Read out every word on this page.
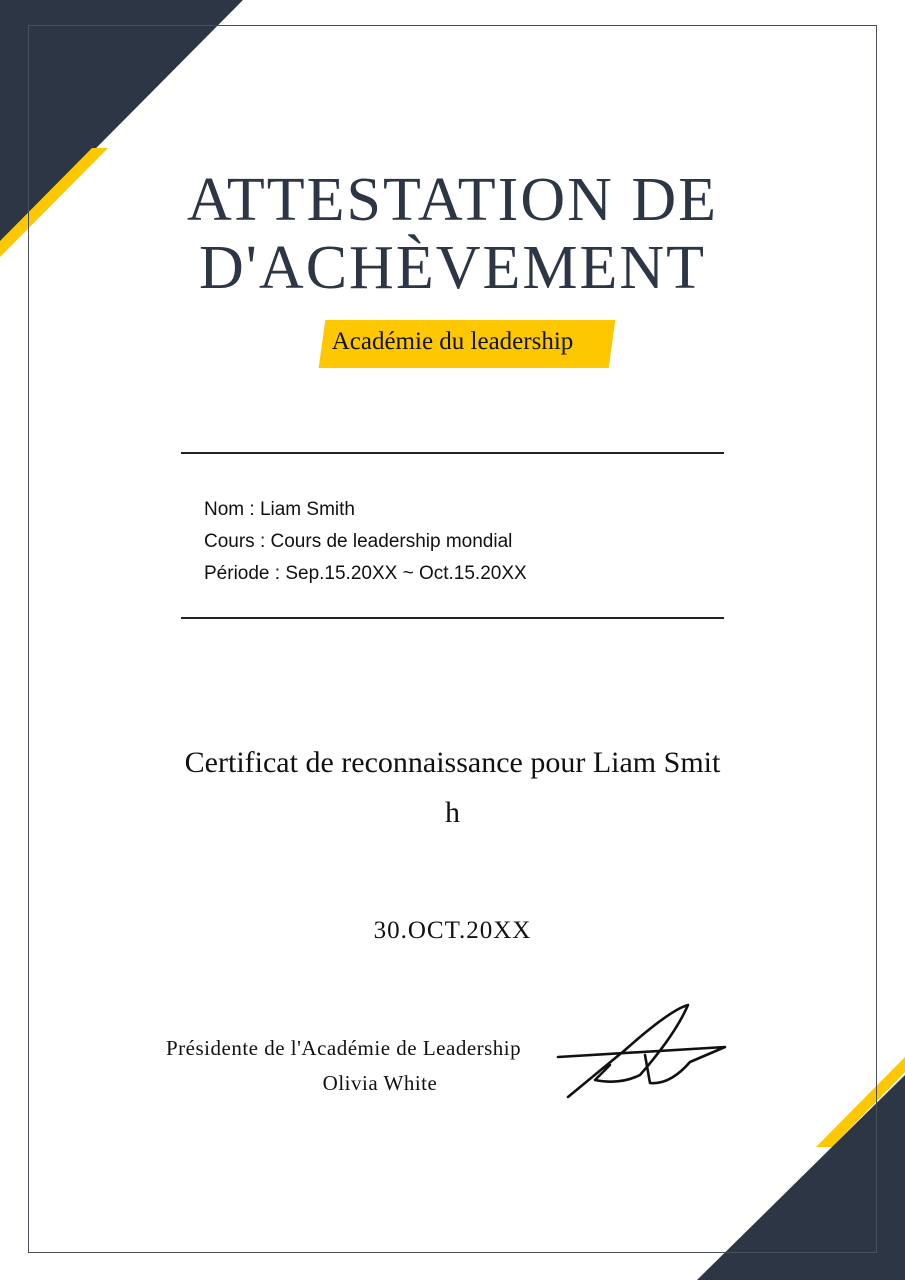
ATTESTATION DE
D'ACHÈVEMENT
Académie du leadership
Nom : Liam Smith
Cours : Cours de leadership mondial
Période : Sep.15.20XX ~ Oct.15.20XX
Certificat de reconnaissance pour Liam Smith
30.OCT.20XX
Présidente de l'Académie de Leadership
Olivia White
